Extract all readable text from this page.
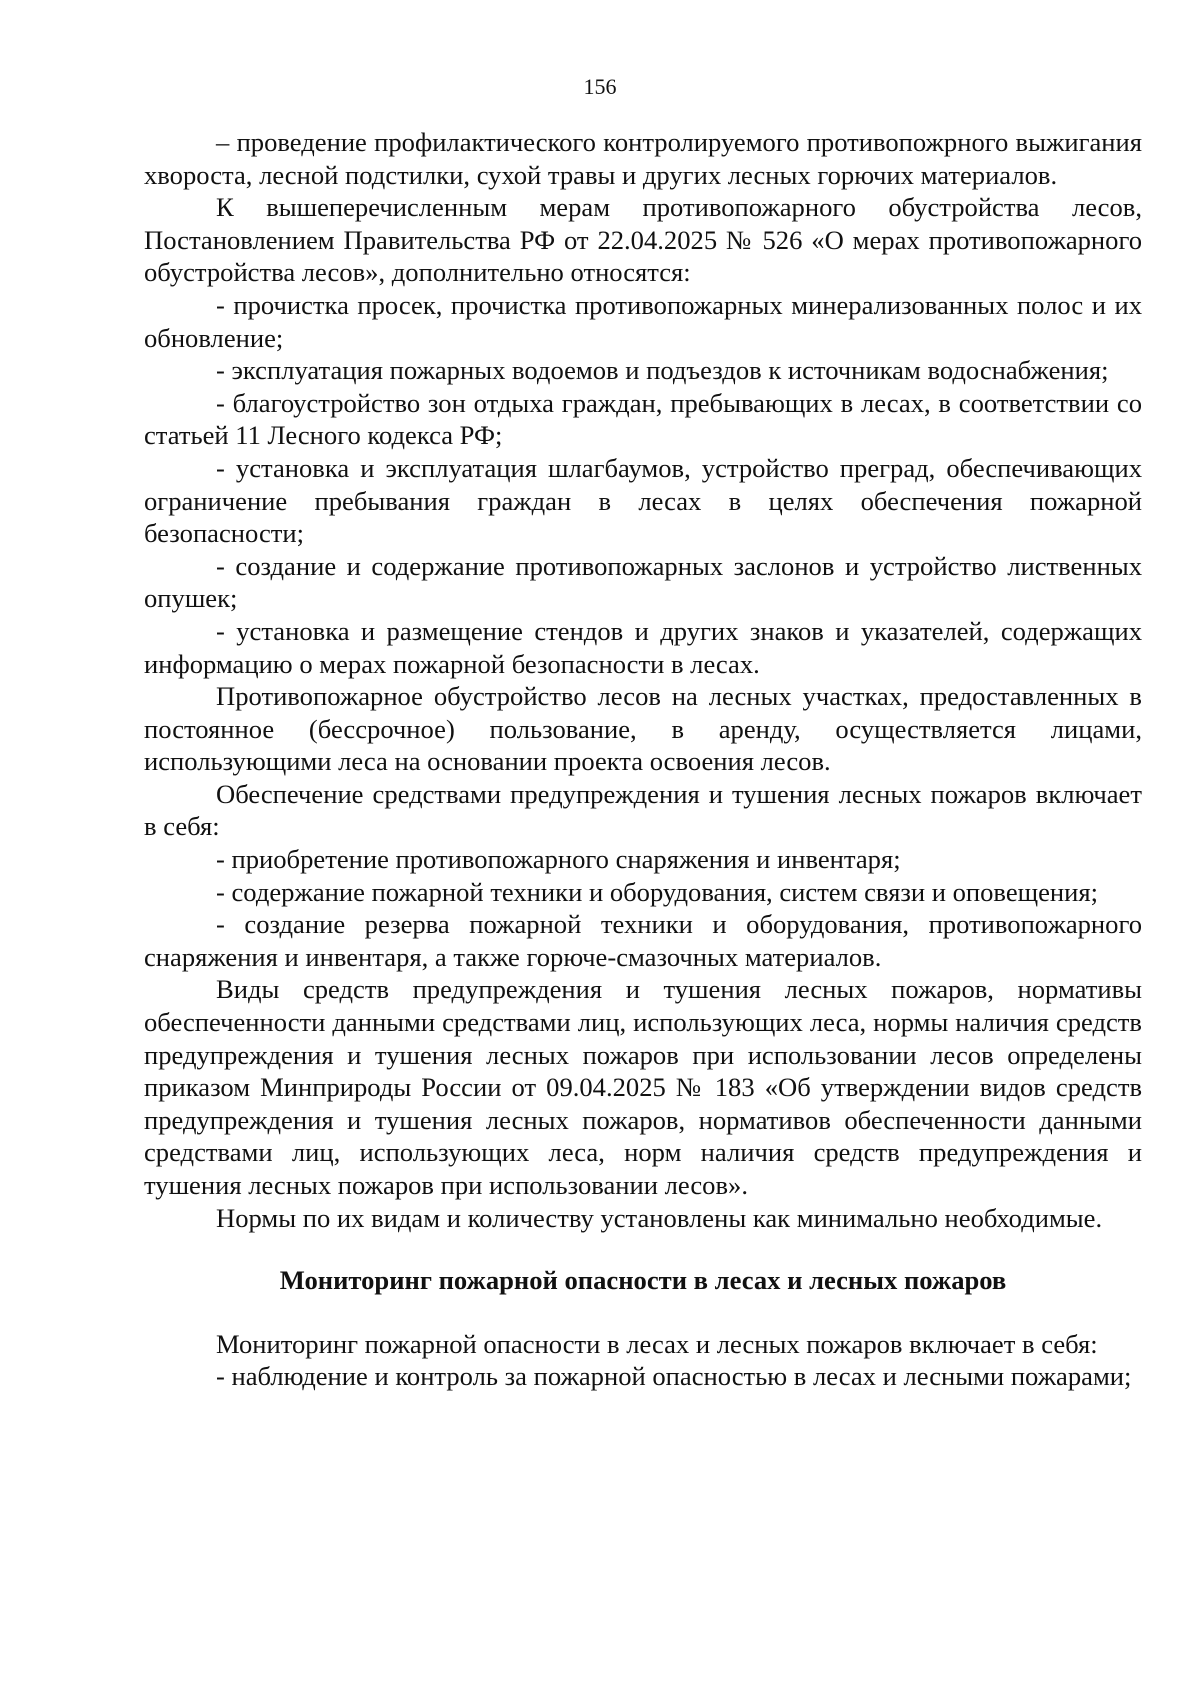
156

– проведение профилактического контролируемого противопожрного выжигания хвороста, лесной подстилки, сухой травы и других лесных горючих материалов.

К вышеперечисленным мерам противопожарного обустройства лесов, Постановлением Правительства РФ от 22.04.2025 № 526 «О мерах противопожарного обустройства лесов», дополнительно относятся:

- прочистка просек, прочистка противопожарных минерализованных полос и их обновление;

- эксплуатация пожарных водоемов и подъездов к источникам водоснабжения;

- благоустройство зон отдыха граждан, пребывающих в лесах, в соответствии со статьей 11 Лесного кодекса РФ;

- установка и эксплуатация шлагбаумов, устройство преград, обеспечивающих ограничение пребывания граждан в лесах в целях обеспечения пожарной безопасности;

- создание и содержание противопожарных заслонов и устройство лиственных опушек;

- установка и размещение стендов и других знаков и указателей, содержащих информацию о мерах пожарной безопасности в лесах.

Противопожарное обустройство лесов на лесных участках, предоставленных в постоянное (бессрочное) пользование, в аренду, осуществляется лицами, использующими леса на основании проекта освоения лесов.

Обеспечение средствами предупреждения и тушения лесных пожаров включает в себя:

- приобретение противопожарного снаряжения и инвентаря;

- содержание пожарной техники и оборудования, систем связи и оповещения;

- создание резерва пожарной техники и оборудования, противопожарного снаряжения и инвентаря, а также горюче-смазочных материалов.

Виды средств предупреждения и тушения лесных пожаров, нормативы обеспеченности данными средствами лиц, использующих леса, нормы наличия средств предупреждения и тушения лесных пожаров при использовании лесов определены приказом Минприроды России от 09.04.2025 № 183 «Об утверждении видов средств предупреждения и тушения лесных пожаров, нормативов обеспеченности данными средствами лиц, использующих леса, норм наличия средств предупреждения и тушения лесных пожаров при использовании лесов».

Нормы по их видам и количеству установлены как минимально необходимые.

Мониторинг пожарной опасности в лесах и лесных пожаров

Мониторинг пожарной опасности в лесах и лесных пожаров включает в себя:

- наблюдение и контроль за пожарной опасностью в лесах и лесными пожарами;
